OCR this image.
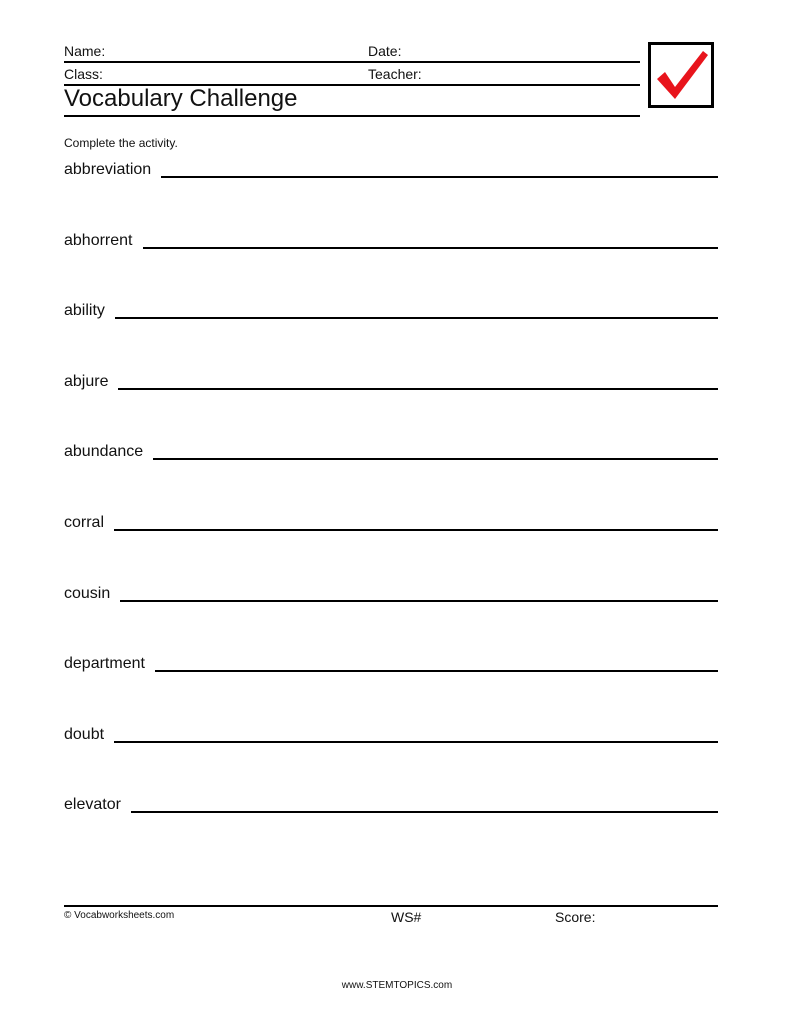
Name:	Date:
Class:	Teacher:
Vocabulary Challenge
Complete the activity.
abbreviation
abhorrent
ability
abjure
abundance
corral
cousin
department
doubt
elevator
© Vocabworksheets.com	WS#	Score:
www.STEMTOPICS.com
